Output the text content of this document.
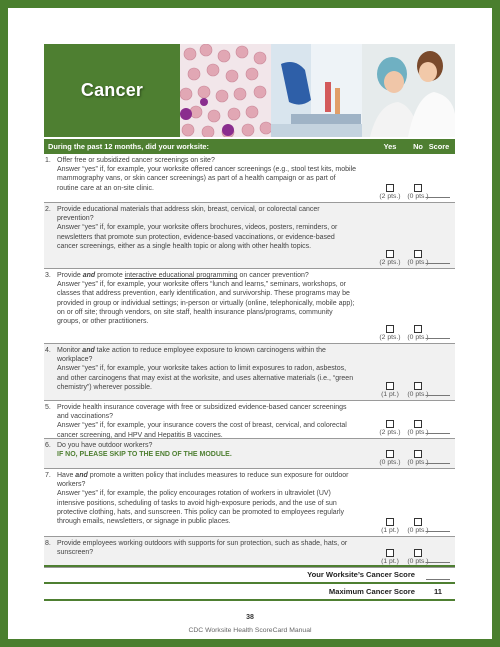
Cancer
During the past 12 months, did your worksite:	Yes	No Score
1. Offer free or subsidized cancer screenings on site?
Answer “yes” if, for example, your worksite offered cancer screenings (e.g., stool test kits, mobile mammography vans, or skin cancer screenings) as part of a health campaign or as part of routine care at an on-site clinic.
(2 pts.)	(0 pts.)
2. Provide educational materials that address skin, breast, cervical, or colorectal cancer prevention?
Answer “yes” if, for example, your worksite offers brochures, videos, posters, reminders, or newsletters that promote sun protection, evidence-based vaccinations, or evidence-based cancer screenings, either as a single health topic or along with other health topics.
(2 pts.)	(0 pts.)
3. Provide and promote interactive educational programming on cancer prevention?
Answer “yes” if, for example, your worksite offers “lunch and learns,” seminars, workshops, or classes that address prevention, early identification, and survivorship. These programs may be provided in group or individual settings; in-person or virtually (online, telephonically, mobile app); on or off site; through vendors, on site staff, health insurance plans/programs, community groups, or other practitioners.
(2 pts.)	(0 pts.)
4. Monitor and take action to reduce employee exposure to known carcinogens within the workplace?
Answer “yes” if, for example, your worksite takes action to limit exposures to radon, asbestos, and other carcinogens that may exist at the worksite, and uses alternative materials (i.e., “green chemistry”) wherever possible.
(1 pt.)	(0 pts.)
5. Provide health insurance coverage with free or subsidized evidence-based cancer screenings and vaccinations?
Answer “yes” if, for example, your insurance covers the cost of breast, cervical, and colorectal cancer screening, and HPV and Hepatitis B vaccines.	(2 pts.)	(0 pts.)
6. Do you have outdoor workers?
IF NO, PLEASE SKIP TO THE END OF THE MODULE.
(0 pts.)	(0 pts.)
7. Have and promote a written policy that includes measures to reduce sun exposure for outdoor workers?
Answer “yes” if, for example, the policy encourages rotation of workers in ultraviolet (UV) intensive positions, scheduling of tasks to avoid high-exposure periods, and the use of sun protective clothing, hats, and sunscreen. This policy can be promoted to employees regularly through emails, newsletters, or signage in public places.
(1 pt.)	(0 pts.)
8. Provide employees working outdoors with supports for sun protection, such as shade, hats, or sunscreen?
(1 pt.)	(0 pts.)
Your Worksite’s Cancer Score
Maximum Cancer Score	11
38
CDC Worksite Health ScoreCard Manual
